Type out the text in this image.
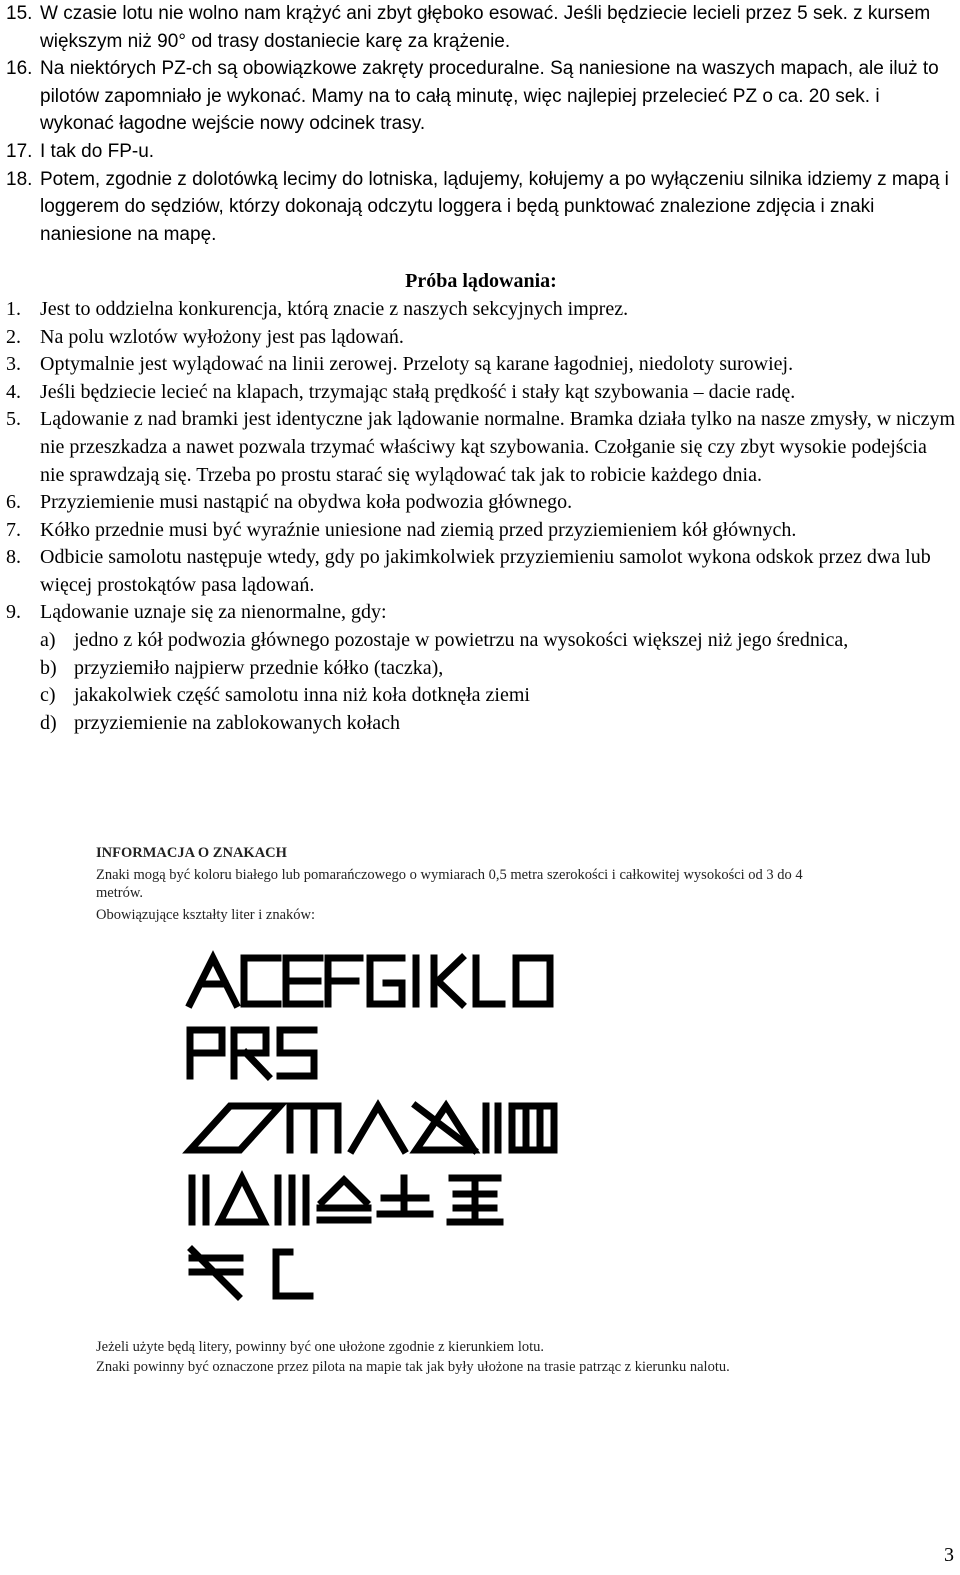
15. W czasie lotu nie wolno nam krążyć ani zbyt głęboko esować. Jeśli będziecie lecieli przez 5 sek. z kursem większym niż 90° od trasy dostaniecie karę za krążenie.
16. Na niektórych PZ-ch są obowiązkowe zakręty proceduralne. Są naniesione na waszych mapach, ale iluż to pilotów zapomniało je wykonać. Mamy na to całą minutę, więc najlepiej przelecieć PZ o ca. 20 sek. i wykonać łagodne wejście nowy odcinek trasy.
17. I tak do FP-u.
18. Potem, zgodnie z dolotówką lecimy do lotniska, lądujemy, kołujemy a po wyłączeniu silnika idziemy z mapą i loggerem do sędziów, którzy dokonają odczytu loggera i będą punktować znalezione zdjęcia i znaki naniesione na mapę.
Próba lądowania:
1. Jest to oddzielna konkurencja, którą znacie z naszych sekcyjnych imprez.
2. Na polu wzlotów wyłożony jest pas lądowań.
3. Optymalnie jest wylądować na linii zerowej. Przeloty są karane łagodniej, niedoloty surowiej.
4. Jeśli będziecie lecieć na klapach, trzymając stałą prędkość i stały kąt szybowania – dacie radę.
5. Lądowanie z nad bramki jest identyczne jak lądowanie normalne. Bramka działa tylko na nasze zmysły, w niczym nie przeszkadza a nawet pozwala trzymać właściwy kąt szybowania. Czołganie się czy zbyt wysokie podejścia nie sprawdzają się. Trzeba po prostu starać się wylądować tak jak to robicie każdego dnia.
6. Przyziemienie musi nastąpić na obydwa koła podwozia głównego.
7. Kółko przednie musi być wyraźnie uniesione nad ziemią przed przyziemieniem kół głównych.
8. Odbicie samolotu następuje wtedy, gdy po jakimkolwiek przyziemieniu samolot wykona odskok przez dwa lub więcej prostokątów pasa lądowań.
9. Lądowanie uznaje się za nienormalne, gdy:
a) jedno z kół podwozia głównego pozostaje w powietrzu na wysokości większej niż jego średnica,
b) przyziemiło najpierw przednie kółko (taczka),
c) jakakolwiek część samolotu inna niż koła dotknęła ziemi
d) przyziemienie na zablokowanych kołach
INFORMACJA O ZNAKACH

Znaki mogą być koloru białego lub pomarańczowego o wymiarach 0,5 metra szerokości i całkowitej wysokości od 3 do 4 metrów.

Obowiązujące kształty liter i znaków:

Jeżeli użyte będą litery, powinny być one ułożone zgodnie z kierunkiem lotu.

Znaki powinny być oznaczone przez pilota na mapie tak jak były ułożone na trasie patrząc z kierunku nalotu.

3
